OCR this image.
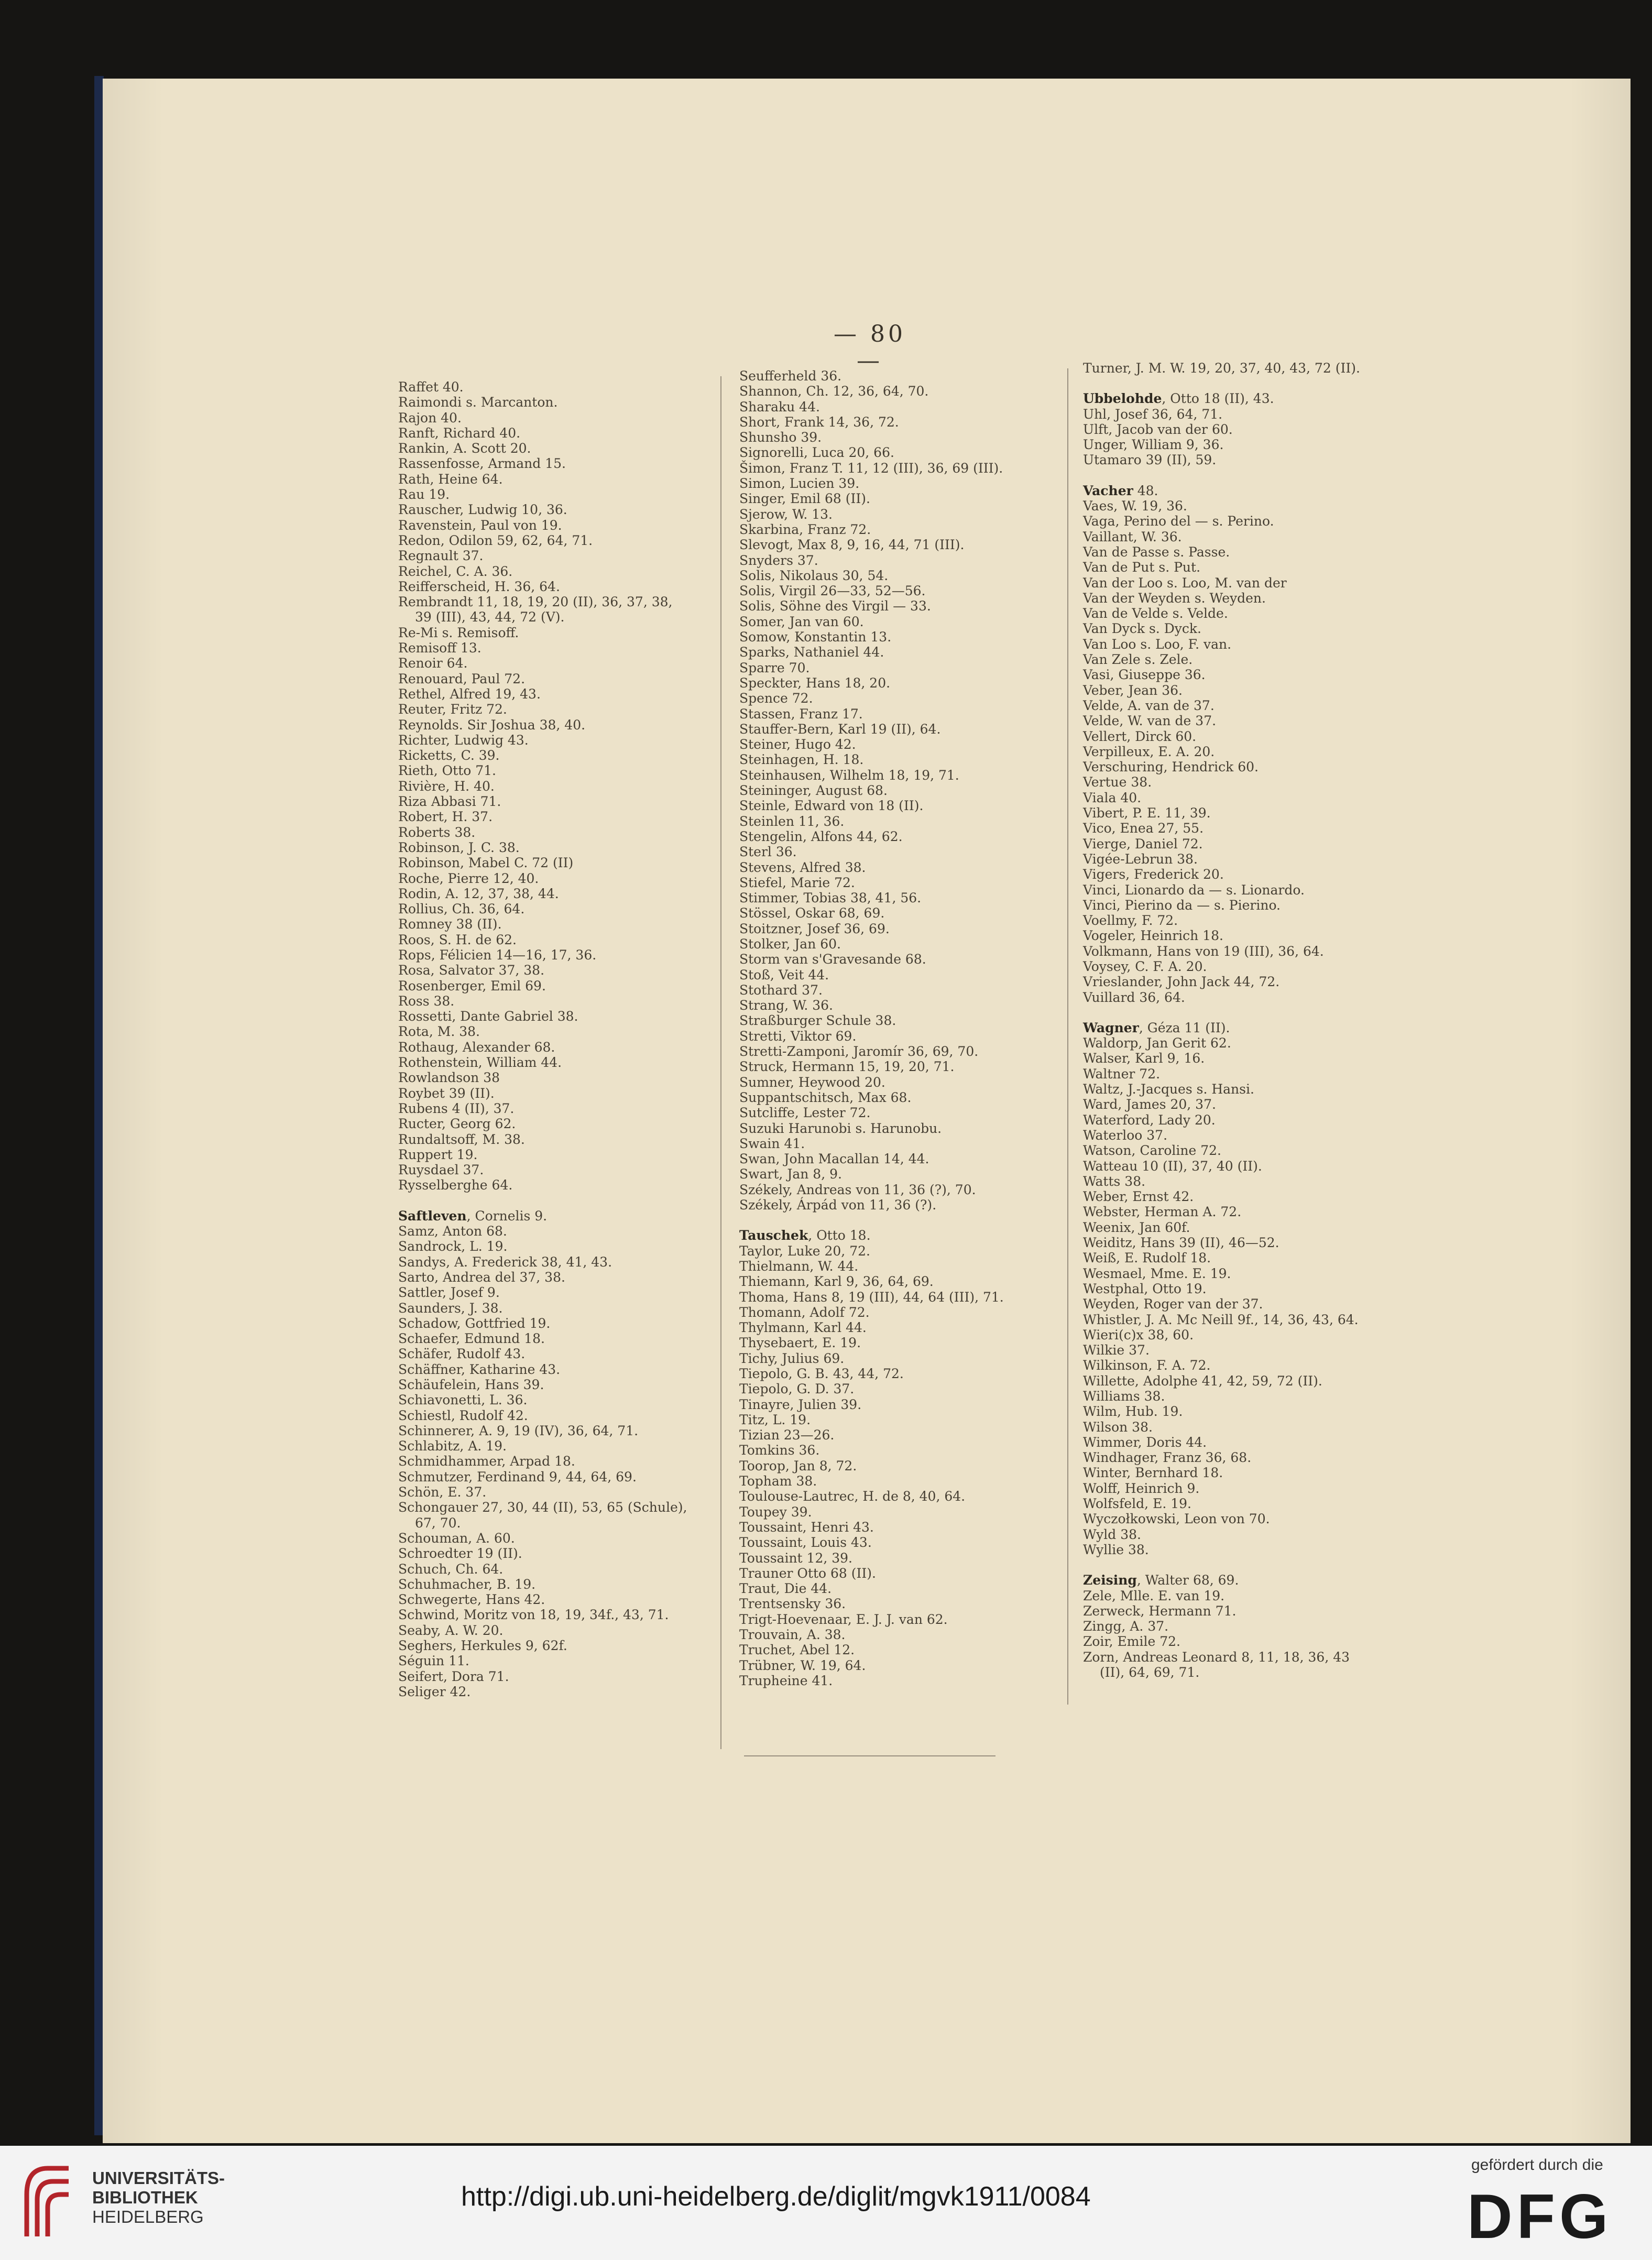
— 80 —
Raffet 40.
Raimondi s. Marcanton.
Rajon 40.
Ranft, Richard 40.
Rankin, A. Scott 20.
Rassenfosse, Armand 15.
Rath, Heine 64.
Rau 19.
Rauscher, Ludwig 10, 36.
Ravenstein, Paul von 19.
Redon, Odilon 59, 62, 64, 71.
Regnault 37.
Reichel, C. A. 36.
Reifferscheid, H. 36, 64.
Rembrandt 11, 18, 19, 20 (II), 36, 37, 38,
39 (III), 43, 44, 72 (V).
Re-Mi s. Remisoff.
Remisoff 13.
Renoir 64.
Renouard, Paul 72.
Rethel, Alfred 19, 43.
Reuter, Fritz 72.
Reynolds. Sir Joshua 38, 40.
Richter, Ludwig 43.
Ricketts, C. 39.
Rieth, Otto 71.
Rivière, H. 40.
Riza Abbasi 71.
Robert, H. 37.
Roberts 38.
Robinson, J. C. 38.
Robinson, Mabel C. 72 (II)
Roche, Pierre 12, 40.
Rodin, A. 12, 37, 38, 44.
Rollius, Ch. 36, 64.
Romney 38 (II).
Roos, S. H. de 62.
Rops, Félicien 14—16, 17, 36.
Rosa, Salvator 37, 38.
Rosenberger, Emil 69.
Ross 38.
Rossetti, Dante Gabriel 38.
Rota, M. 38.
Rothaug, Alexander 68.
Rothenstein, William 44.
Rowlandson 38
Roybet 39 (II).
Rubens 4 (II), 37.
Ructer, Georg 62.
Rundaltsoff, M. 38.
Ruppert 19.
Ruysdael 37.
Rysselberghe 64.
Saftleven, Cornelis 9.
Samz, Anton 68.
Sandrock, L. 19.
Sandys, A. Frederick 38, 41, 43.
Sarto, Andrea del 37, 38.
Sattler, Josef 9.
Saunders, J. 38.
Schadow, Gottfried 19.
Schaefer, Edmund 18.
Schäfer, Rudolf 43.
Schäffner, Katharine 43.
Schäufelein, Hans 39.
Schiavonetti, L. 36.
Schiestl, Rudolf 42.
Schinnerer, A. 9, 19 (IV), 36, 64, 71.
Schlabitz, A. 19.
Schmidhammer, Arpad 18.
Schmutzer, Ferdinand 9, 44, 64, 69.
Schön, E. 37.
Schongauer 27, 30, 44 (II), 53, 65 (Schule),
67, 70.
Schouman, A. 60.
Schroedter 19 (II).
Schuch, Ch. 64.
Schuhmacher, B. 19.
Schwegerte, Hans 42.
Schwind, Moritz von 18, 19, 34f., 43, 71.
Seaby, A. W. 20.
Seghers, Herkules 9, 62f.
Séguin 11.
Seifert, Dora 71.
Seliger 42.
Seufferheld 36.
Shannon, Ch. 12, 36, 64, 70.
Sharaku 44.
Short, Frank 14, 36, 72.
Shunsho 39.
Signorelli, Luca 20, 66.
Šimon, Franz T. 11, 12 (III), 36, 69 (III).
Simon, Lucien 39.
Singer, Emil 68 (II).
Sjerow, W. 13.
Skarbina, Franz 72.
Slevogt, Max 8, 9, 16, 44, 71 (III).
Snyders 37.
Solis, Nikolaus 30, 54.
Solis, Virgil 26—33, 52—56.
Solis, Söhne des Virgil — 33.
Somer, Jan van 60.
Somow, Konstantin 13.
Sparks, Nathaniel 44.
Sparre 70.
Speckter, Hans 18, 20.
Spence 72.
Stassen, Franz 17.
Stauffer-Bern, Karl 19 (II), 64.
Steiner, Hugo 42.
Steinhagen, H. 18.
Steinhausen, Wilhelm 18, 19, 71.
Steininger, August 68.
Steinle, Edward von 18 (II).
Steinlen 11, 36.
Stengelin, Alfons 44, 62.
Sterl 36.
Stevens, Alfred 38.
Stiefel, Marie 72.
Stimmer, Tobias 38, 41, 56.
Stössel, Oskar 68, 69.
Stoitzner, Josef 36, 69.
Stolker, Jan 60.
Storm van s'Gravesande 68.
Stoß, Veit 44.
Stothard 37.
Strang, W. 36.
Straßburger Schule 38.
Stretti, Viktor 69.
Stretti-Zamponi, Jaromír 36, 69, 70.
Struck, Hermann 15, 19, 20, 71.
Sumner, Heywood 20.
Suppantschitsch, Max 68.
Sutcliffe, Lester 72.
Suzuki Harunobi s. Harunobu.
Swain 41.
Swan, John Macallan 14, 44.
Swart, Jan 8, 9.
Székely, Andreas von 11, 36 (?), 70.
Székely, Árpád von 11, 36 (?).
Tauschek, Otto 18.
Taylor, Luke 20, 72.
Thielmann, W. 44.
Thiemann, Karl 9, 36, 64, 69.
Thoma, Hans 8, 19 (III), 44, 64 (III), 71.
Thomann, Adolf 72.
Thylmann, Karl 44.
Thysebaert, E. 19.
Tichy, Julius 69.
Tiepolo, G. B. 43, 44, 72.
Tiepolo, G. D. 37.
Tinayre, Julien 39.
Titz, L. 19.
Tizian 23—26.
Tomkins 36.
Toorop, Jan 8, 72.
Topham 38.
Toulouse-Lautrec, H. de 8, 40, 64.
Toupey 39.
Toussaint, Henri 43.
Toussaint, Louis 43.
Toussaint 12, 39.
Trauner Otto 68 (II).
Traut, Die 44.
Trentsensky 36.
Trigt-Hoevenaar, E. J. J. van 62.
Trouvain, A. 38.
Truchet, Abel 12.
Trübner, W. 19, 64.
Trupheine 41.
Turner, J. M. W. 19, 20, 37, 40, 43, 72 (II).
Ubbelohde, Otto 18 (II), 43.
Uhl, Josef 36, 64, 71.
Ulft, Jacob van der 60.
Unger, William 9, 36.
Utamaro 39 (II), 59.
Vacher 48.
Vaes, W. 19, 36.
Vaga, Perino del — s. Perino.
Vaillant, W. 36.
Van de Passe s. Passe.
Van de Put s. Put.
Van der Loo s. Loo, M. van der
Van der Weyden s. Weyden.
Van de Velde s. Velde.
Van Dyck s. Dyck.
Van Loo s. Loo, F. van.
Van Zele s. Zele.
Vasi, Giuseppe 36.
Veber, Jean 36.
Velde, A. van de 37.
Velde, W. van de 37.
Vellert, Dirck 60.
Verpilleux, E. A. 20.
Verschuring, Hendrick 60.
Vertue 38.
Viala 40.
Vibert, P. E. 11, 39.
Vico, Enea 27, 55.
Vierge, Daniel 72.
Vigée-Lebrun 38.
Vigers, Frederick 20.
Vinci, Lionardo da — s. Lionardo.
Vinci, Pierino da — s. Pierino.
Voellmy, F. 72.
Vogeler, Heinrich 18.
Volkmann, Hans von 19 (III), 36, 64.
Voysey, C. F. A. 20.
Vrieslander, John Jack 44, 72.
Vuillard 36, 64.
Wagner, Géza 11 (II).
Waldorp, Jan Gerit 62.
Walser, Karl 9, 16.
Waltner 72.
Waltz, J.-Jacques s. Hansi.
Ward, James 20, 37.
Waterford, Lady 20.
Waterloo 37.
Watson, Caroline 72.
Watteau 10 (II), 37, 40 (II).
Watts 38.
Weber, Ernst 42.
Webster, Herman A. 72.
Weenix, Jan 60f.
Weiditz, Hans 39 (II), 46—52.
Weiß, E. Rudolf 18.
Wesmael, Mme. E. 19.
Westphal, Otto 19.
Weyden, Roger van der 37.
Whistler, J. A. Mc Neill 9f., 14, 36, 43, 64.
Wieri(c)x 38, 60.
Wilkie 37.
Wilkinson, F. A. 72.
Willette, Adolphe 41, 42, 59, 72 (II).
Williams 38.
Wilm, Hub. 19.
Wilson 38.
Wimmer, Doris 44.
Windhager, Franz 36, 68.
Winter, Bernhard 18.
Wolff, Heinrich 9.
Wolfsfeld, E. 19.
Wyczołkowski, Leon von 70.
Wyld 38.
Wyllie 38.
Zeising, Walter 68, 69.
Zele, Mlle. E. van 19.
Zerweck, Hermann 71.
Zingg, A. 37.
Zoir, Emile 72.
Zorn, Andreas Leonard 8, 11, 18, 36, 43
(II), 64, 69, 71.
UNIVERSITÄTS-
BIBLIOTHEK
HEIDELBERG
http://digi.ub.uni-heidelberg.de/diglit/mgvk1911/0084
gefördert durch die
DFG
